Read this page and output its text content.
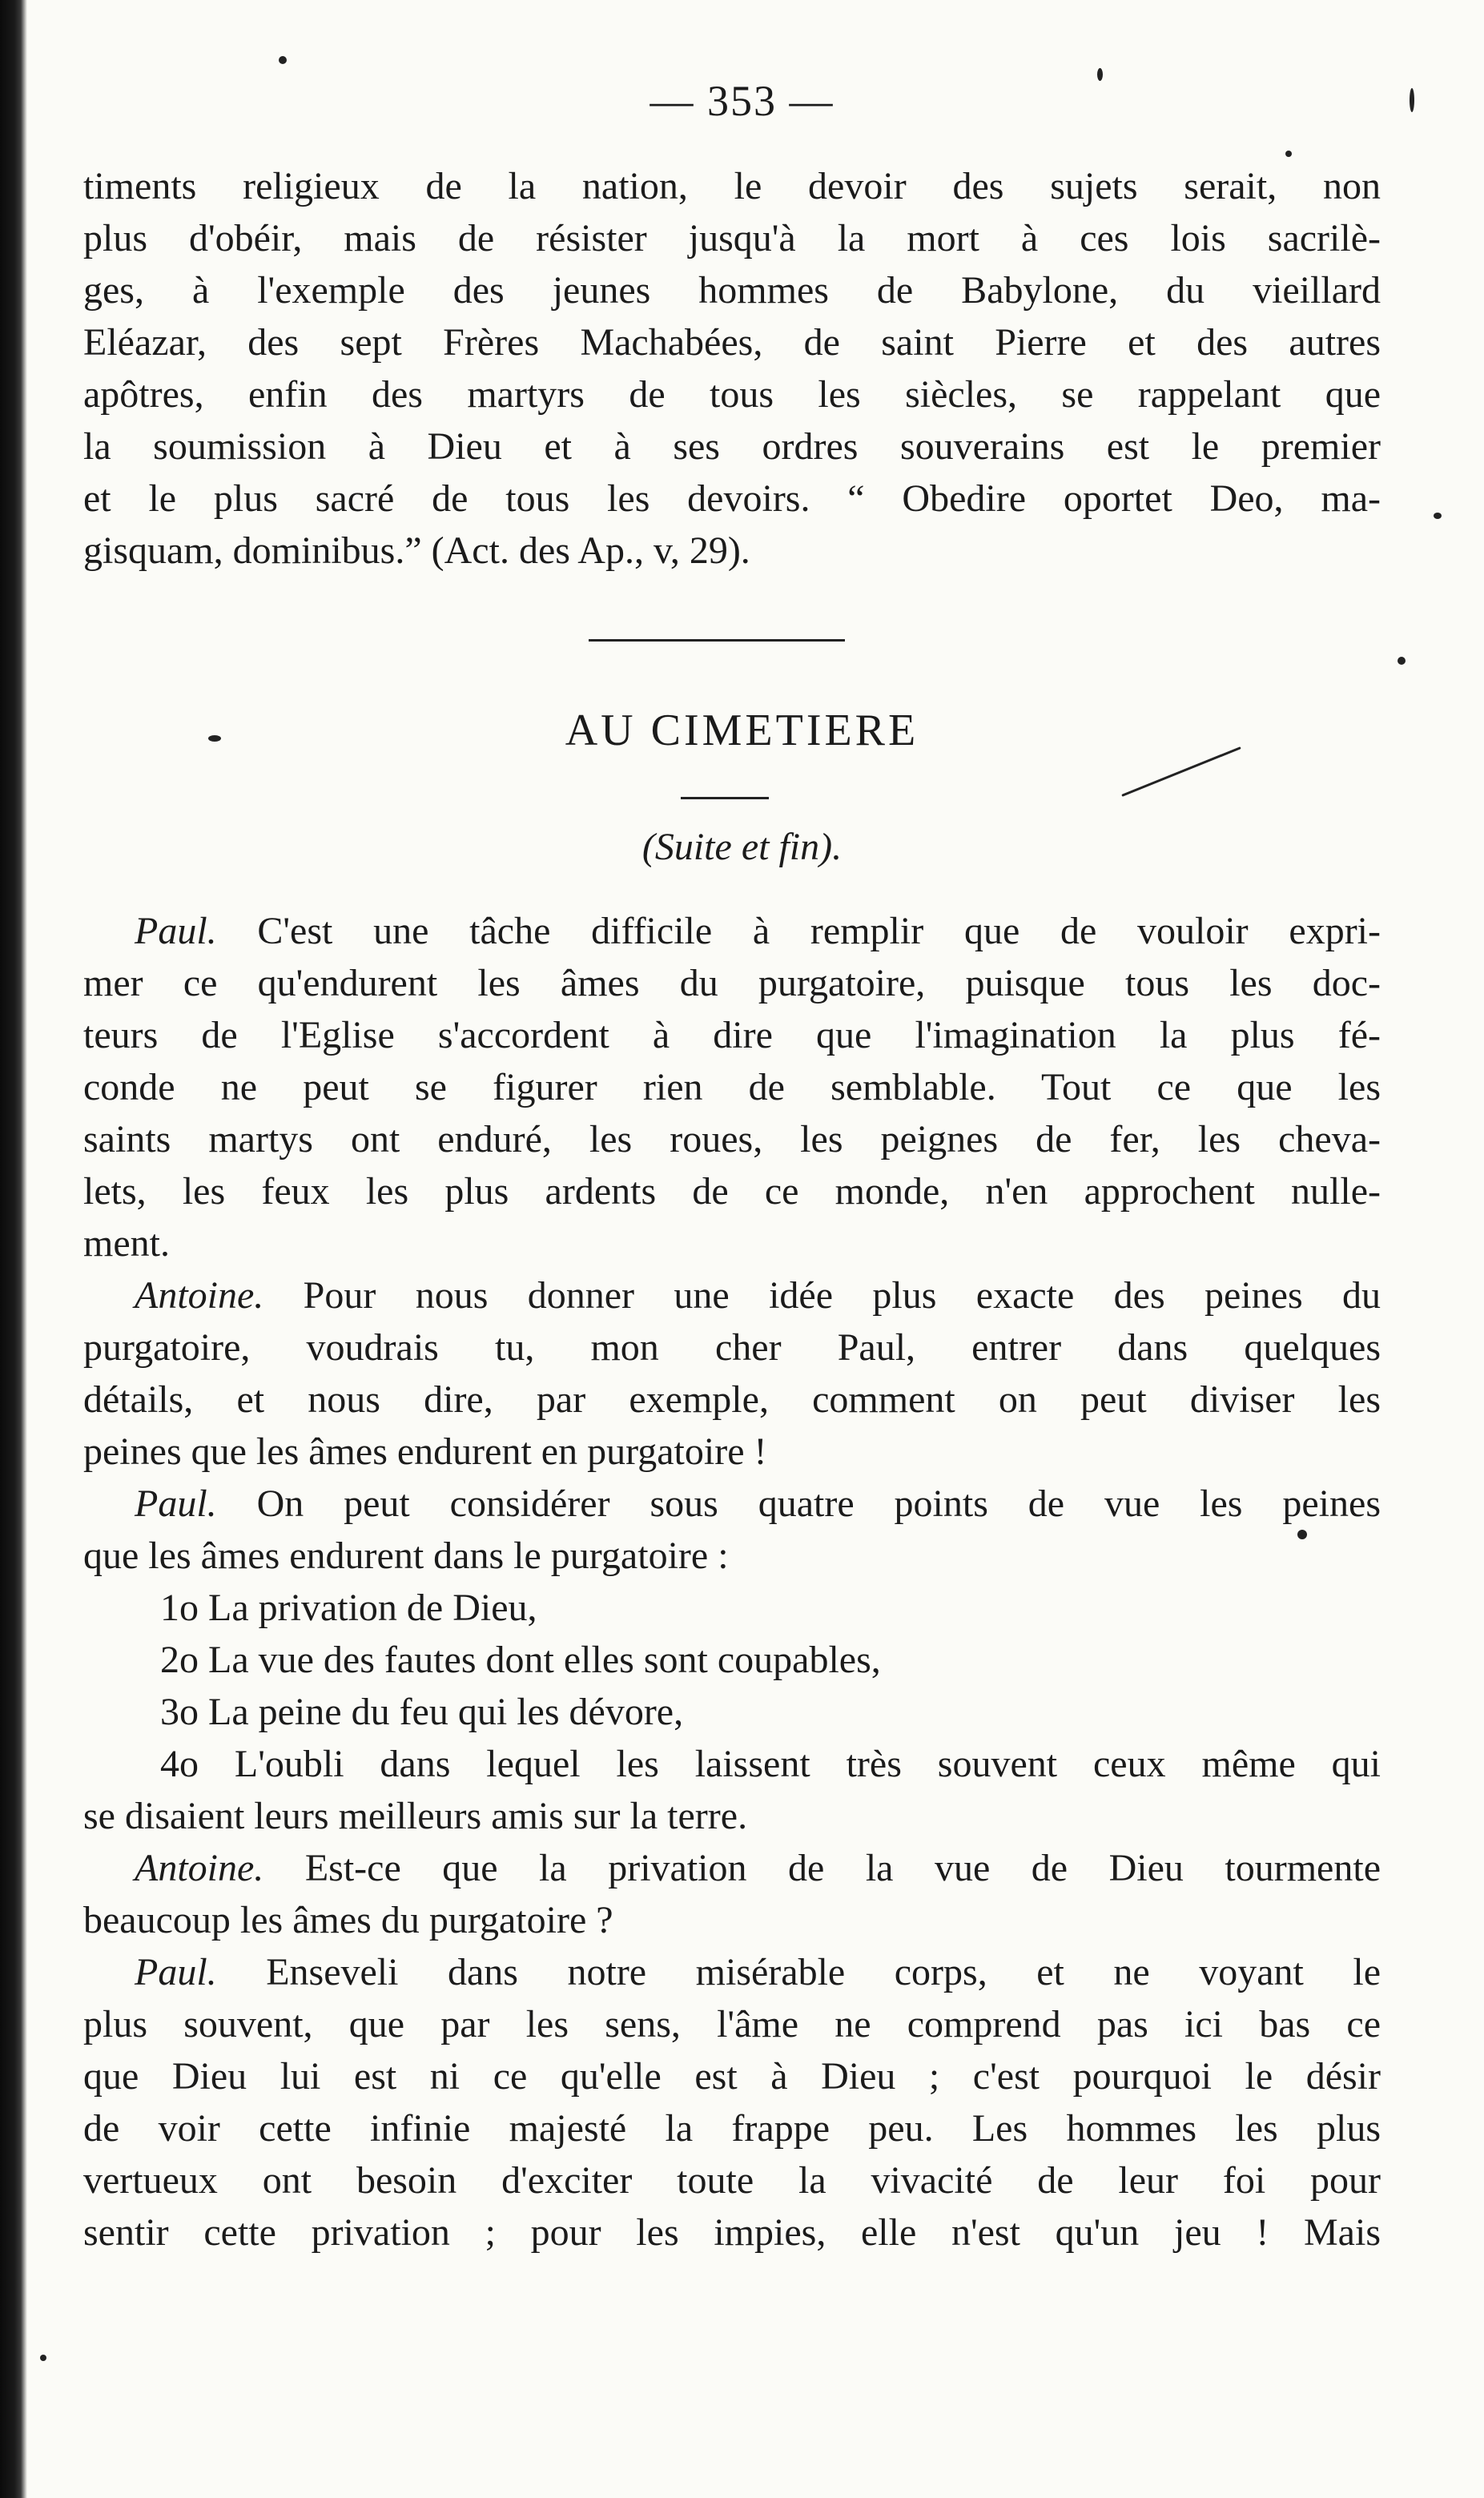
— 353 —
timents religieux de la nation, le devoir des sujets serait, non
plus d'obéir, mais de résister jusqu'à la mort à ces lois sacrilè-
ges, à l'exemple des jeunes hommes de Babylone, du vieillard
Eléazar, des sept Frères Machabées, de saint Pierre et des autres
apôtres, enfin des martyrs de tous les siècles, se rappelant que
la soumission à Dieu et à ses ordres souverains est le premier
et le plus sacré de tous les devoirs. “ Obedire oportet Deo, ma-
gisquam, dominibus.” (Act. des Ap., v, 29).
AU CIMETIERE
(Suite et fin).
Paul. C'est une tâche difficile à remplir que de vouloir expri-
mer ce qu'endurent les âmes du purgatoire, puisque tous les doc-
teurs de l'Eglise s'accordent à dire que l'imagination la plus fé-
conde ne peut se figurer rien de semblable. Tout ce que les
saints martys ont enduré, les roues, les peignes de fer, les cheva-
lets, les feux les plus ardents de ce monde, n'en approchent nulle-
ment.
Antoine. Pour nous donner une idée plus exacte des peines du
purgatoire, voudrais tu, mon cher Paul, entrer dans quelques
détails, et nous dire, par exemple, comment on peut diviser les
peines que les âmes endurent en purgatoire !
Paul. On peut considérer sous quatre points de vue les peines
que les âmes endurent dans le purgatoire :
1o La privation de Dieu,
2o La vue des fautes dont elles sont coupables,
3o La peine du feu qui les dévore,
4o L'oubli dans lequel les laissent très souvent ceux même qui
se disaient leurs meilleurs amis sur la terre.
Antoine. Est-ce que la privation de la vue de Dieu tourmente
beaucoup les âmes du purgatoire ?
Paul. Enseveli dans notre misérable corps, et ne voyant le
plus souvent, que par les sens, l'âme ne comprend pas ici bas ce
que Dieu lui est ni ce qu'elle est à Dieu ; c'est pourquoi le désir
de voir cette infinie majesté la frappe peu. Les hommes les plus
vertueux ont besoin d'exciter toute la vivacité de leur foi pour
sentir cette privation ; pour les impies, elle n'est qu'un jeu ! Mais
